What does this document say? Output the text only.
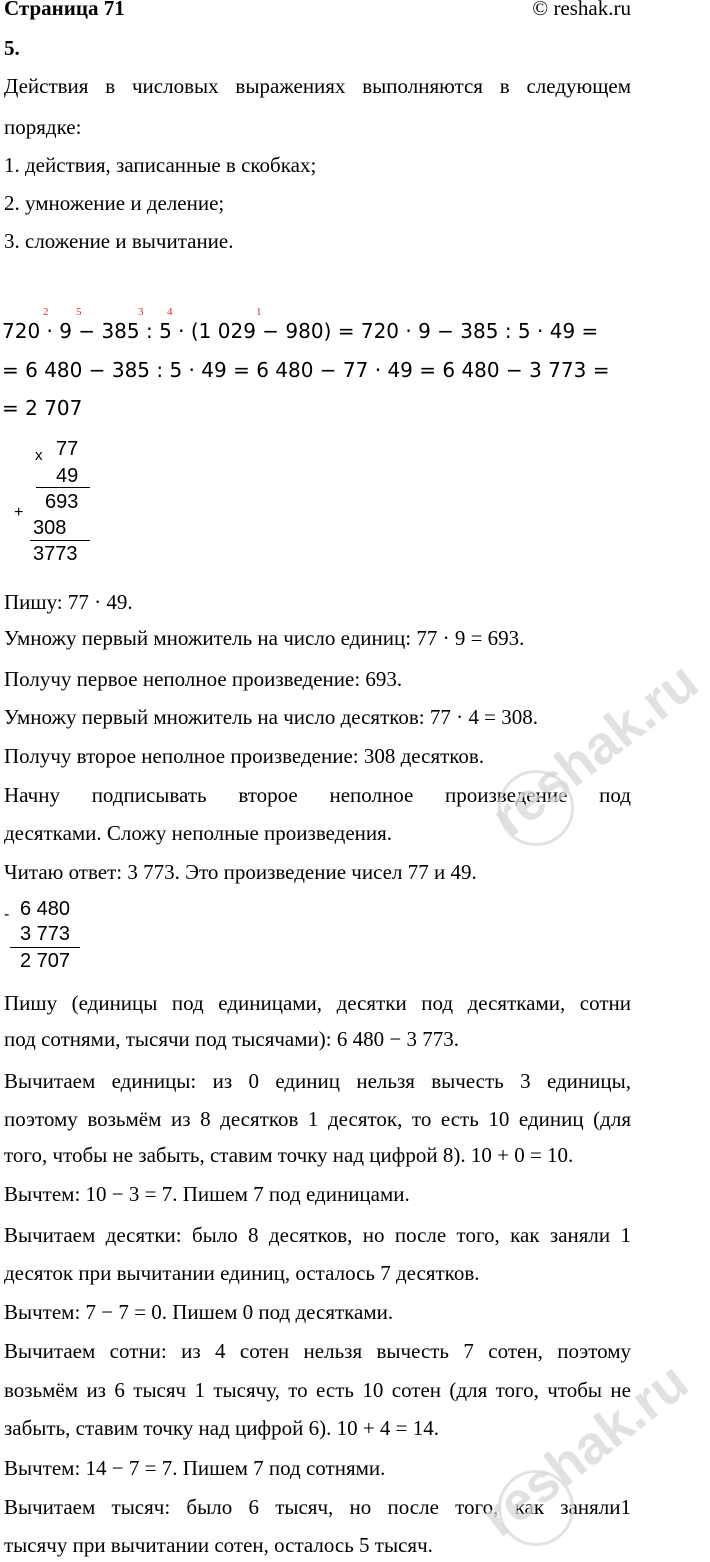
Страница 71	© reshak.ru
5.
Действия в числовых выражениях выполняются в следующем
порядке:
1. действия, записанные в скобках;
2. умножение и деление;
3. сложение и вычитание.
2	5	3 4	1
720 · 9 − 385 : 5 · (1 029 − 980) = 720 · 9 − 385 : 5 · 49 =
= 6 480 − 385 : 5 · 49 = 6 480 − 77 · 49 = 6 480 − 3 773 =
= 2 707
x 77
49
+ 693
308
3773
Пишу: 77 · 49.
Умножу первый множитель на число единиц: 77 · 9 = 693.
Получу первое неполное произведение: 693.
Умножу первый множитель на число десятков: 77 · 4 = 308.
Получу второе неполное произведение: 308 десятков.
Начну подписывать второе неполное произведение под
десятками. Сложу неполные произведения.
Читаю ответ: 3 773. Это произведение чисел 77 и 49.
- 6 480
3 773
2 707
Пишу (единицы под единицами, десятки под десятками, сотни
под сотнями, тысячи под тысячами): 6 480 − 3 773.
Вычитаем единицы: из 0 единиц нельзя вычесть 3 единицы,
поэтому возьмём из 8 десятков 1 десяток, то есть 10 единиц (для
того, чтобы не забыть, ставим точку над цифрой 8). 10 + 0 = 10.
Вычтем: 10 − 3 = 7. Пишем 7 под единицами.
Вычитаем десятки: было 8 десятков, но после того, как заняли 1
десяток при вычитании единиц, осталось 7 десятков.
Вычтем: 7 − 7 = 0. Пишем 0 под десятками.
Вычитаем сотни: из 4 сотен нельзя вычесть 7 сотен, поэтому
возьмём из 6 тысяч 1 тысячу, то есть 10 сотен (для того, чтобы не
забыть, ставим точку над цифрой 6). 10 + 4 = 14.
Вычтем: 14 − 7 = 7. Пишем 7 под сотнями.
Вычитаем тысяч: было 6 тысяч, но после того, как заняли1
тысячу при вычитании сотен, осталось 5 тысяч.
reshak.ru
reshak.ru
